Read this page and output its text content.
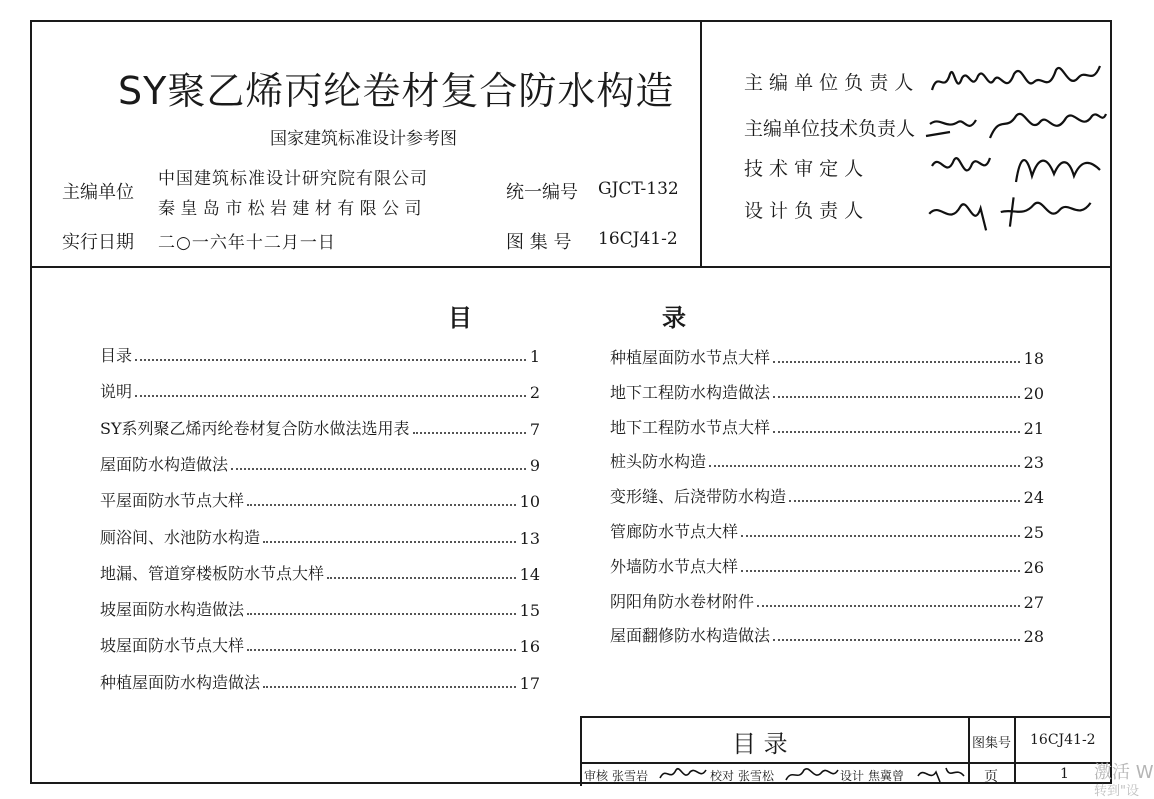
SY聚乙烯丙纶卷材复合防水构造
国家建筑标准设计参考图
主编单位
中国建筑标准设计研究院有限公司
秦 皇 岛 市 松 岩 建 材 有 限 公 司
实行日期 二○一六年十二月一日
统一编号 GJCT-132
图 集 号 16CJ41-2
主 编 单 位 负 责 人
主编单位技术负责人
技 术 审 定 人
设 计 负 责 人
目	录
目录	1
说明	2
SY系列聚乙烯丙纶卷材复合防水做法选用表	7
屋面防水构造做法	9
平屋面防水节点大样	10
厕浴间、水池防水构造	13
地漏、管道穿楼板防水节点大样	14
坡屋面防水构造做法	15
坡屋面防水节点大样	16
种植屋面防水构造做法	17
种植屋面防水节点大样	18
地下工程防水构造做法	20
地下工程防水节点大样	21
桩头防水构造	23
变形缝、后浇带防水构造	24
管廊防水节点大样	25
外墙防水节点大样	26
阴阳角防水卷材附件	27
屋面翻修防水构造做法	28
目 录	图集号 16CJ41-2
页	1
审核 张雪岩	校对 张雪松	设计 焦冀曾	激活 W
转到"设
